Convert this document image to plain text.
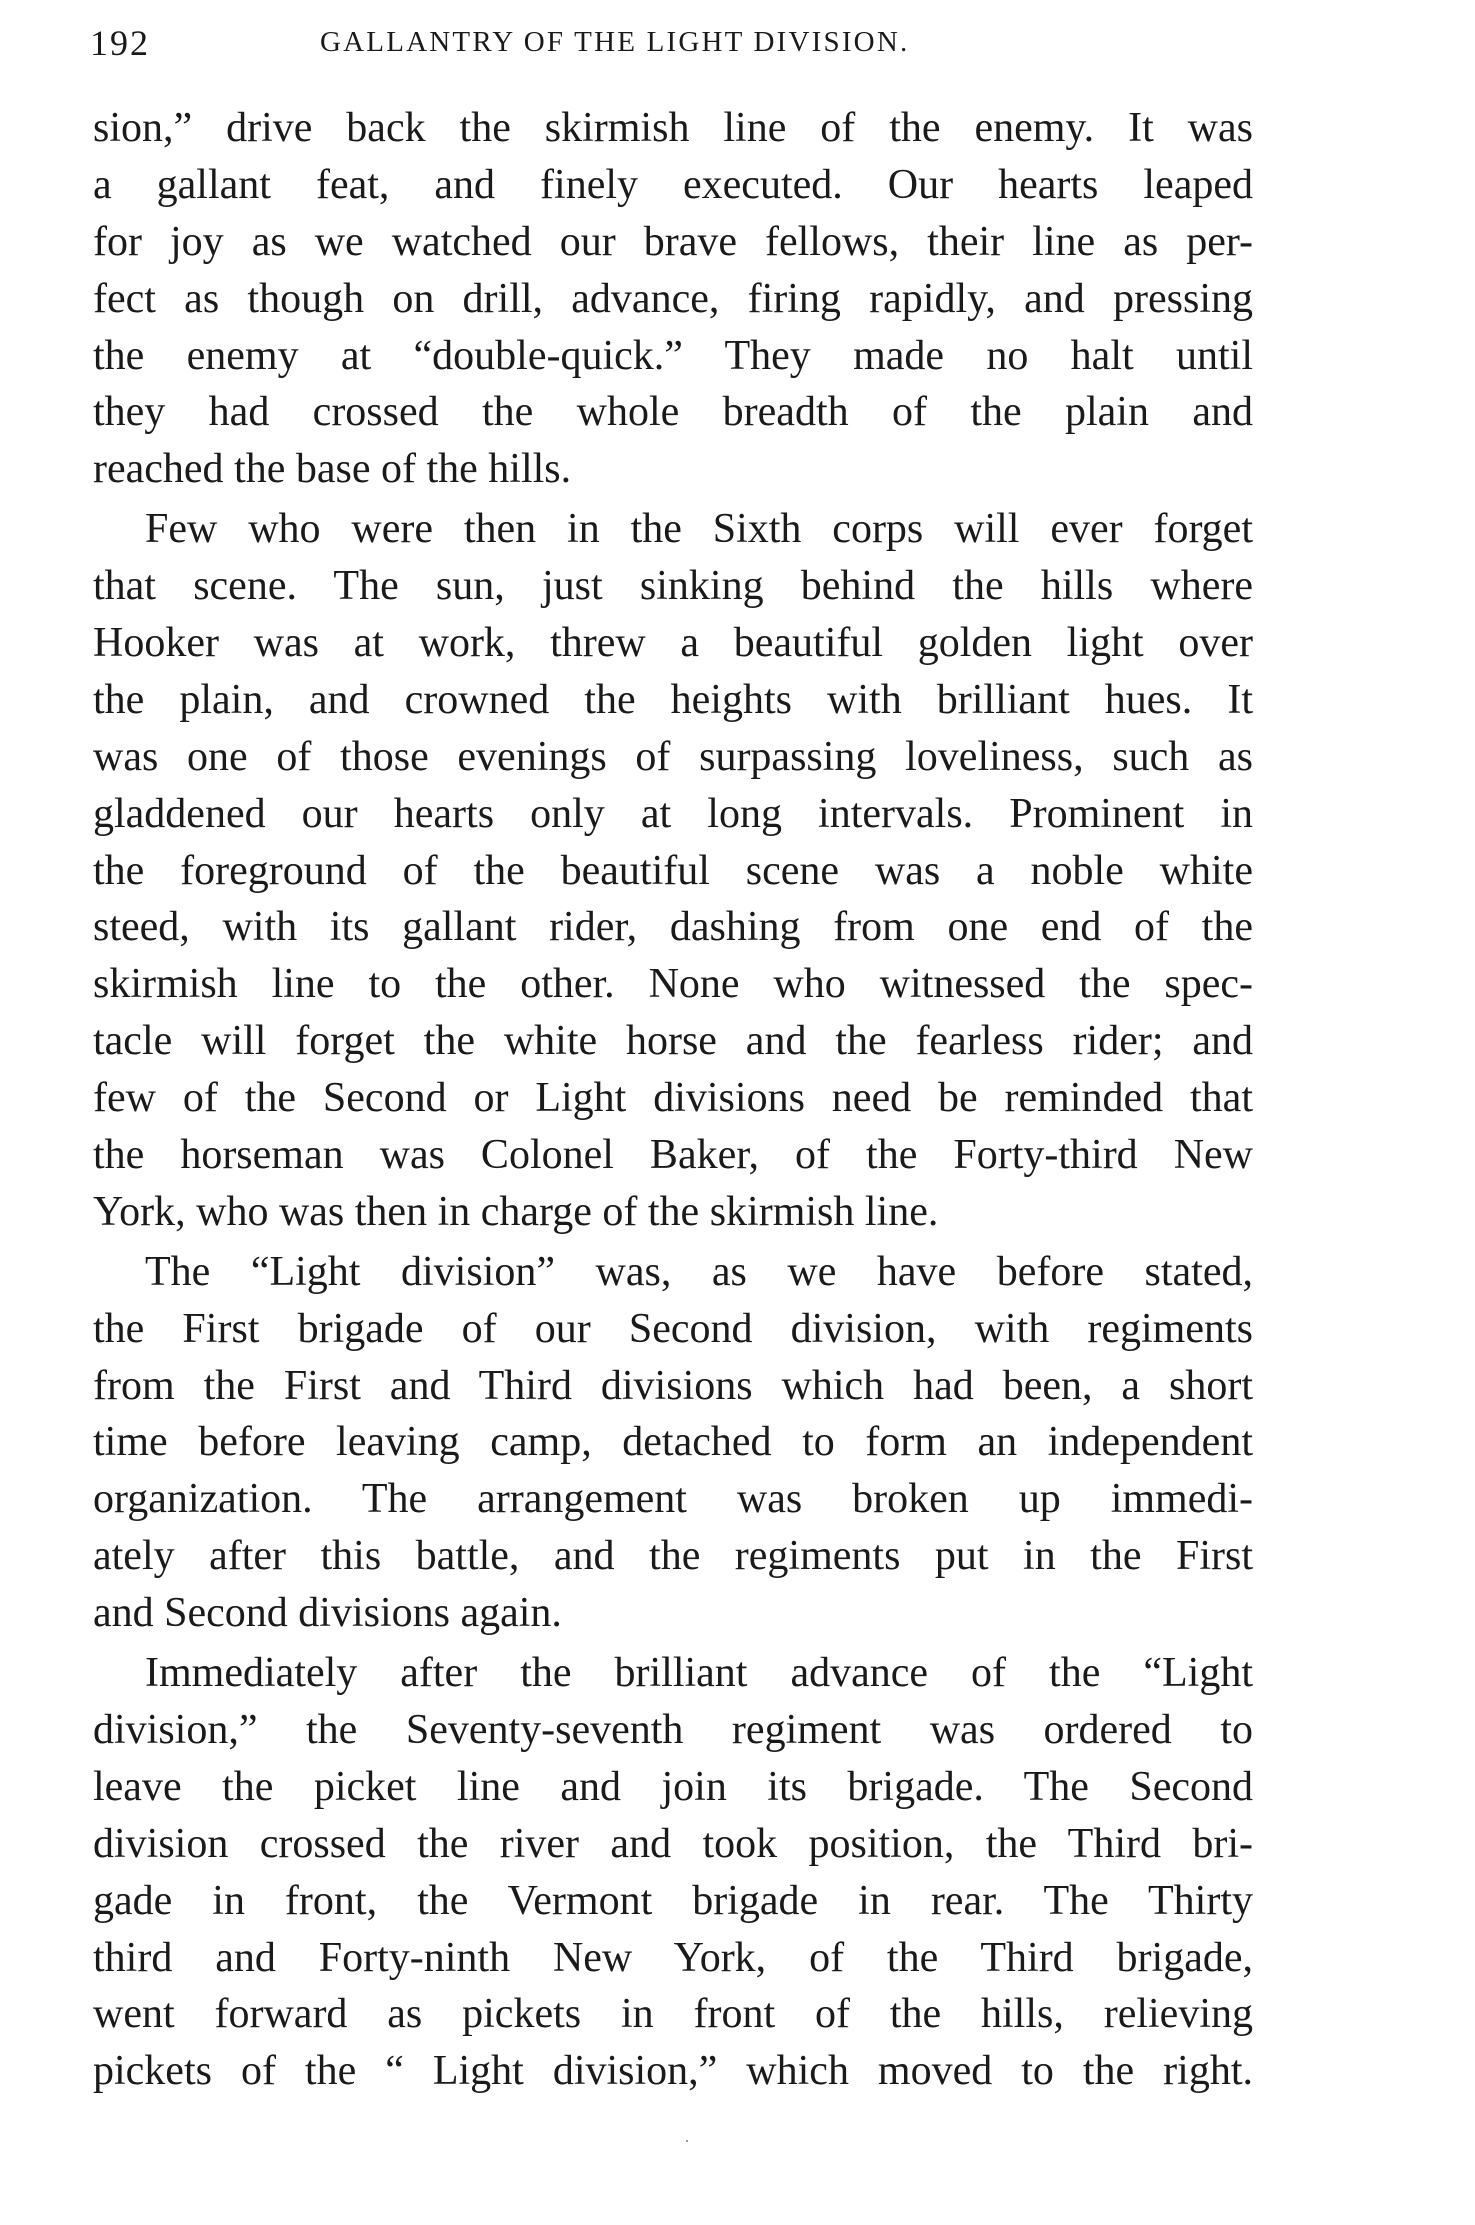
192	GALLANTRY OF THE LIGHT DIVISION.
sion,” drive back the skirmish line of the enemy. It was
a gallant feat, and finely executed. Our hearts leaped
for joy as we watched our brave fellows, their line as per-
fect as though on drill, advance, firing rapidly, and pressing
the enemy at “double-quick.” They made no halt until
they had crossed the whole breadth of the plain and
reached the base of the hills.
Few who were then in the Sixth corps will ever forget
that scene. The sun, just sinking behind the hills where
Hooker was at work, threw a beautiful golden light over
the plain, and crowned the heights with brilliant hues. It
was one of those evenings of surpassing loveliness, such as
gladdened our hearts only at long intervals. Prominent in
the foreground of the beautiful scene was a noble white
steed, with its gallant rider, dashing from one end of the
skirmish line to the other. None who witnessed the spec-
tacle will forget the white horse and the fearless rider; and
few of the Second or Light divisions need be reminded that
the horseman was Colonel Baker, of the Forty-third New
York, who was then in charge of the skirmish line.
The “Light division” was, as we have before stated,
the First brigade of our Second division, with regiments
from the First and Third divisions which had been, a short
time before leaving camp, detached to form an independent
organization. The arrangement was broken up immedi-
ately after this battle, and the regiments put in the First
and Second divisions again.
Immediately after the brilliant advance of the “Light
division,” the Seventy-seventh regiment was ordered to
leave the picket line and join its brigade. The Second
division crossed the river and took position, the Third bri-
gade in front, the Vermont brigade in rear. The Thirty
third and Forty-ninth New York, of the Third brigade,
went forward as pickets in front of the hills, relieving
pickets of the “ Light division,” which moved to the right.
